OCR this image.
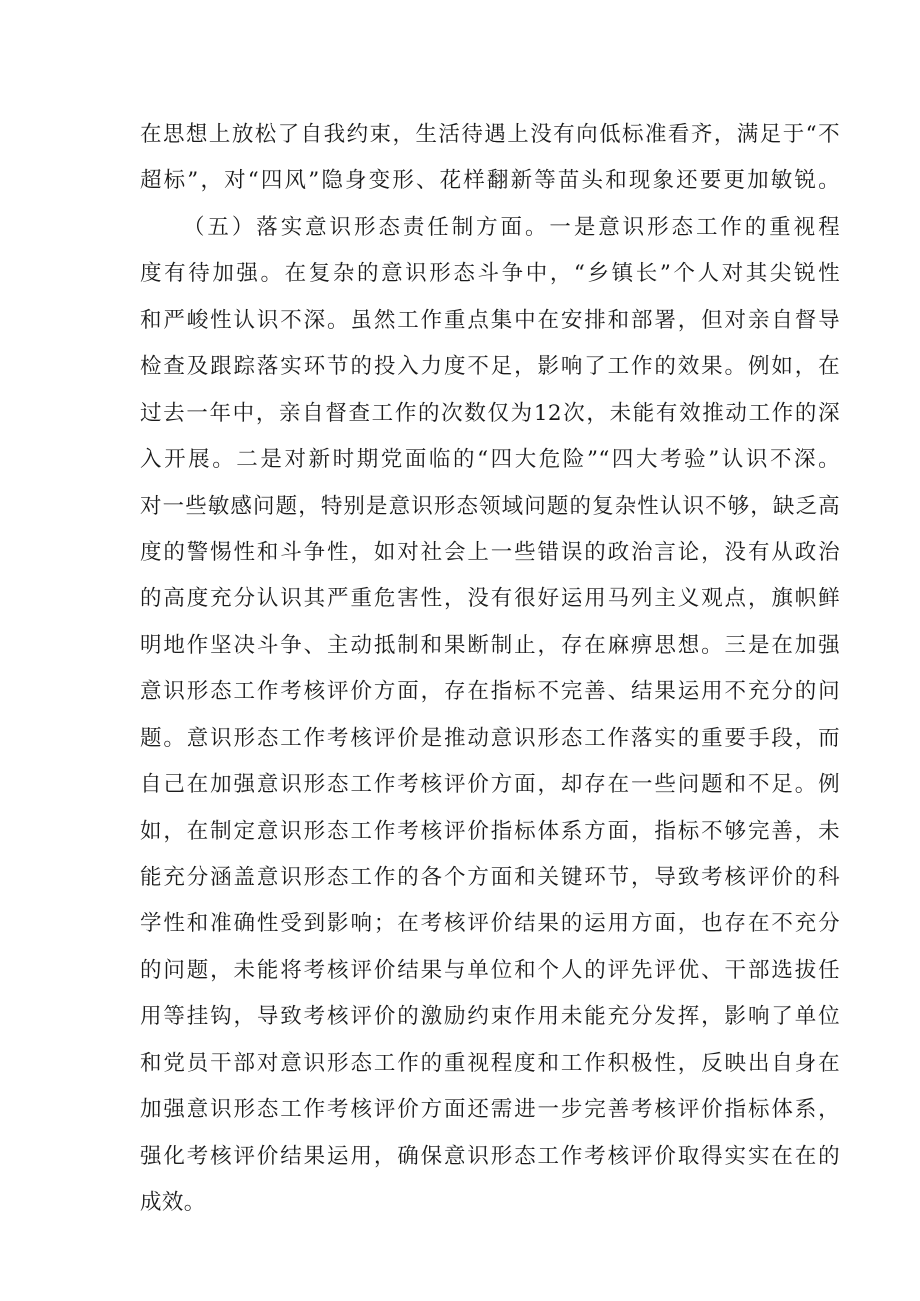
在思想上放松了自我约束，生活待遇上没有向低标准看齐，满足于“不
超标”，对“四风”隐身变形、花样翻新等苗头和现象还要更加敏锐。
（五）落实意识形态责任制方面。一是意识形态工作的重视程
度有待加强。在复杂的意识形态斗争中，“乡镇长”个人对其尖锐性
和严峻性认识不深。虽然工作重点集中在安排和部署，但对亲自督导
检查及跟踪落实环节的投入力度不足，影响了工作的效果。例如，在
过去一年中，亲自督查工作的次数仅为12次，未能有效推动工作的深
入开展。二是对新时期党面临的“四大危险”“四大考验”认识不深。
对一些敏感问题，特别是意识形态领域问题的复杂性认识不够，缺乏高
度的警惕性和斗争性，如对社会上一些错误的政治言论，没有从政治
的高度充分认识其严重危害性，没有很好运用马列主义观点，旗帜鲜
明地作坚决斗争、主动抵制和果断制止，存在麻痹思想。三是在加强
意识形态工作考核评价方面，存在指标不完善、结果运用不充分的问
题。意识形态工作考核评价是推动意识形态工作落实的重要手段，而
自己在加强意识形态工作考核评价方面，却存在一些问题和不足。例
如，在制定意识形态工作考核评价指标体系方面，指标不够完善，未
能充分涵盖意识形态工作的各个方面和关键环节，导致考核评价的科
学性和准确性受到影响；在考核评价结果的运用方面，也存在不充分
的问题，未能将考核评价结果与单位和个人的评先评优、干部选拔任
用等挂钩，导致考核评价的激励约束作用未能充分发挥，影响了单位
和党员干部对意识形态工作的重视程度和工作积极性，反映出自身在
加强意识形态工作考核评价方面还需进一步完善考核评价指标体系，
强化考核评价结果运用，确保意识形态工作考核评价取得实实在在的
成效。
